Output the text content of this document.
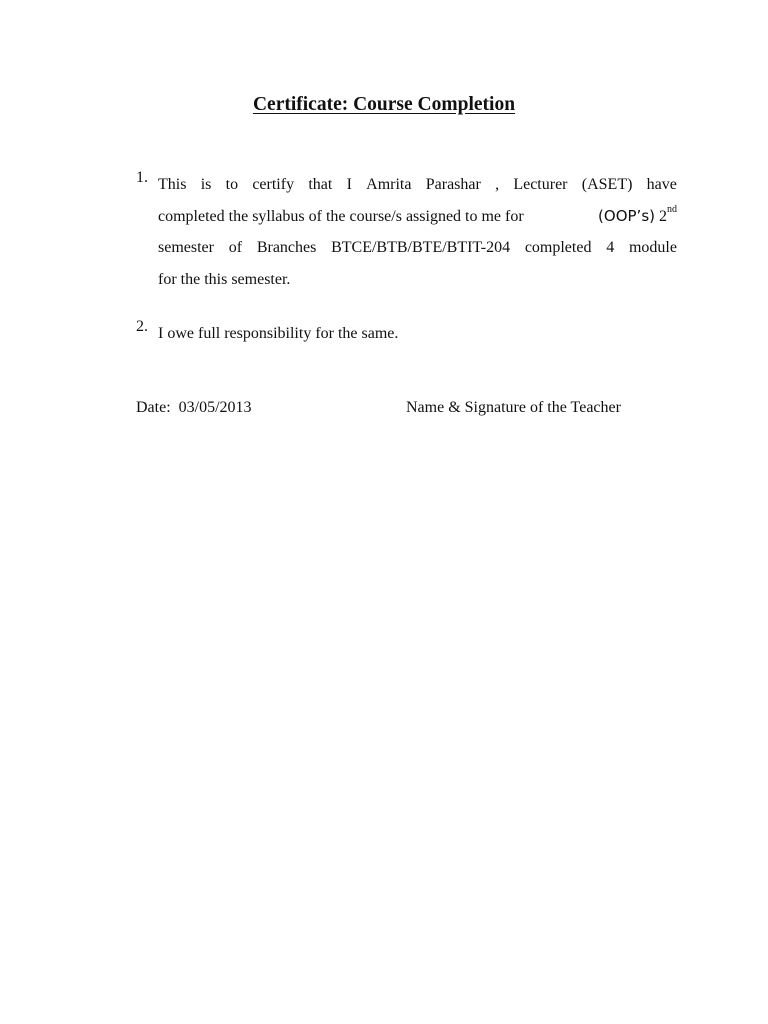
Certificate: Course Completion
1. This is to certify that I Amrita Parashar , Lecturer (ASET) have
completed the syllabus of the course/s assigned to me for	(OOP’s) 2nd
semester of Branches BTCE/BTB/BTE/BTIT-204 completed 4 module
for the this semester.
2. I owe full responsibility for the same.
Date: 03/05/2013	Name & Signature of the Teacher
